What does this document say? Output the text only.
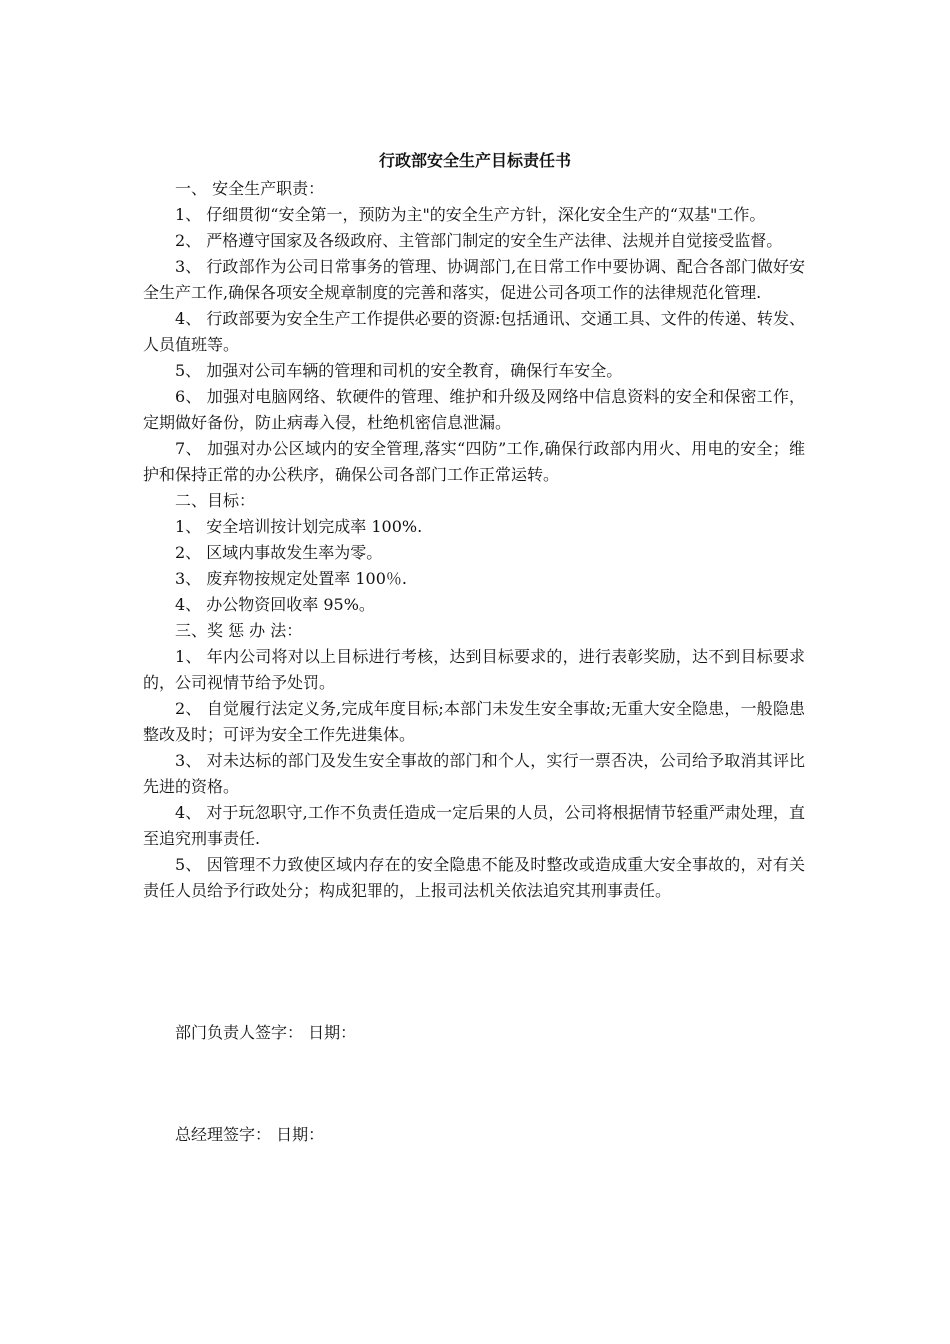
行政部安全生产目标责任书

一、 安全生产职责：

1、 仔细贯彻“安全第一，预防为主"的安全生产方针，深化安全生产的“双基"工作。

2、 严格遵守国家及各级政府、主管部门制定的安全生产法律、法规并自觉接受监督。

3、 行政部作为公司日常事务的管理、协调部门,在日常工作中要协调、配合各部门做好安全生产工作,确保各项安全规章制度的完善和落实，促进公司各项工作的法律规范化管理.

4、 行政部要为安全生产工作提供必要的资源:包括通讯、交通工具、文件的传递、转发、人员值班等。

5、 加强对公司车辆的管理和司机的安全教育，确保行车安全。

6、 加强对电脑网络、软硬件的管理、维护和升级及网络中信息资料的安全和保密工作，定期做好备份，防止病毒入侵，杜绝机密信息泄漏。

7、 加强对办公区域内的安全管理,落实“四防”工作,确保行政部内用火、用电的安全；维护和保持正常的办公秩序，确保公司各部门工作正常运转。

二、目标：

1、 安全培训按计划完成率 100%.

2、 区域内事故发生率为零。

3、 废弃物按规定处置率 100％.

4、 办公物资回收率 95%。

三、奖 惩 办 法：

1、 年内公司将对以上目标进行考核，达到目标要求的，进行表彰奖励，达不到目标要求的，公司视情节给予处罚。

2、 自觉履行法定义务,完成年度目标;本部门未发生安全事故;无重大安全隐患，一般隐患整改及时；可评为安全工作先进集体。

3、 对未达标的部门及发生安全事故的部门和个人，实行一票否决，公司给予取消其评比先进的资格。

4、 对于玩忽职守,工作不负责任造成一定后果的人员，公司将根据情节轻重严肃处理，直至追究刑事责任.

5、 因管理不力致使区域内存在的安全隐患不能及时整改或造成重大安全事故的，对有关责任人员给予行政处分；构成犯罪的，上报司法机关依法追究其刑事责任。

部门负责人签字： 日期：

总经理签字： 日期：
